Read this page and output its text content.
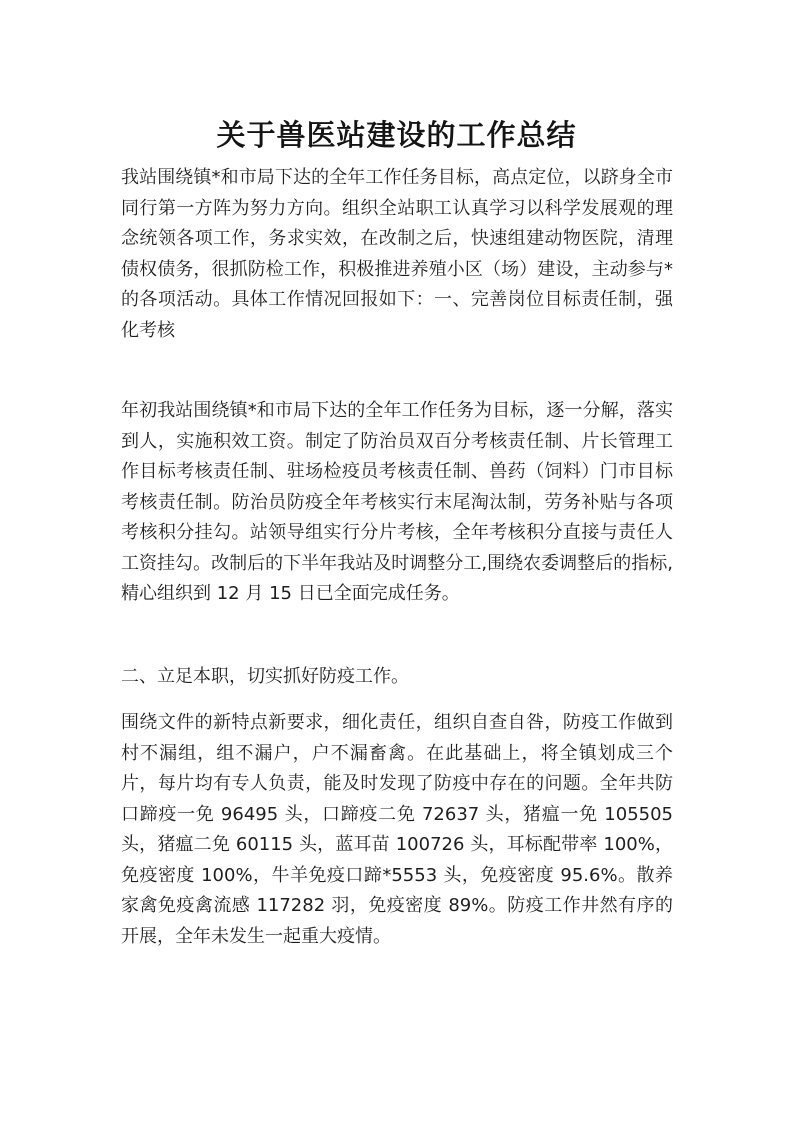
关于兽医站建设的工作总结

我站围绕镇*和市局下达的全年工作任务目标，高点定位，以跻身全市同行第一方阵为努力方向。组织全站职工认真学习以科学发展观的理念统领各项工作，务求实效，在改制之后，快速组建动物医院，清理债权债务，很抓防检工作，积极推进养殖小区（场）建设，主动参与*的各项活动。具体工作情况回报如下：一、完善岗位目标责任制，强化考核

年初我站围绕镇*和市局下达的全年工作任务为目标，逐一分解，落实到人，实施积效工资。制定了防治员双百分考核责任制、片长管理工作目标考核责任制、驻场检疫员考核责任制、兽药（饲料）门市目标考核责任制。防治员防疫全年考核实行末尾淘汰制，劳务补贴与各项考核积分挂勾。站领导组实行分片考核，全年考核积分直接与责任人工资挂勾。改制后的下半年我站及时调整分工,围绕农委调整后的指标,精心组织到 12 月 15 日已全面完成任务。

二、立足本职，切实抓好防疫工作。

围绕文件的新特点新要求，细化责任，组织自查自咎，防疫工作做到村不漏组，组不漏户，户不漏畜禽。在此基础上，将全镇划成三个片，每片均有专人负责，能及时发现了防疫中存在的问题。全年共防口蹄疫一免 96495 头，口蹄疫二免 72637 头，猪瘟一免 105505 头，猪瘟二免 60115 头，蓝耳苗 100726 头，耳标配带率 100%，免疫密度 100%，牛羊免疫口蹄*5553 头，免疫密度 95.6%。散养家禽免疫禽流感 117282 羽，免疫密度 89%。防疫工作井然有序的开展，全年未发生一起重大疫情。
